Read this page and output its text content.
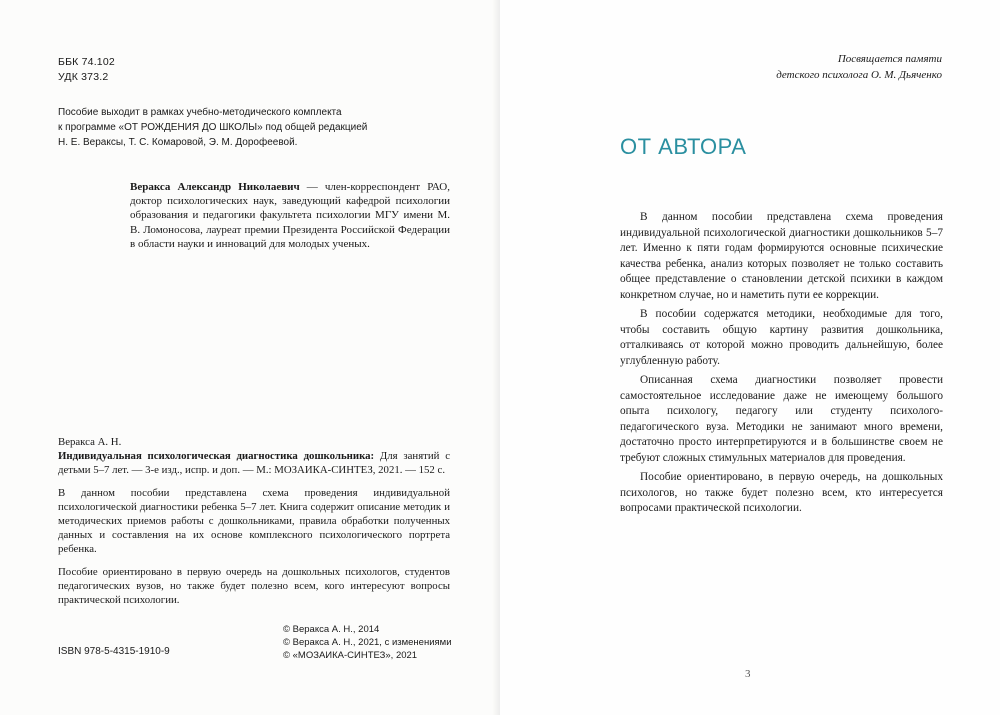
ББК 74.102
УДК 373.2
Пособие выходит в рамках учебно-методического комплекта
к программе «ОТ РОЖДЕНИЯ ДО ШКОЛЫ» под общей редакцией
Н. Е. Вераксы, Т. С. Комаровой, Э. М. Дорофеевой.
Веракса Александр Николаевич — член-корреспондент РАО, доктор психологических наук, заведующий кафедрой психологии образования и педагогики факультета психологии МГУ имени М. В. Ломоносова, лауреат премии Президента Российской Федерации в области науки и инноваций для молодых ученых.
Веракса А. Н.

Индивидуальная психологическая диагностика дошкольника: Для занятий с детьми 5–7 лет. — 3-е изд., испр. и доп. — М.: МОЗАИКА-СИНТЕЗ, 2021. — 152 с.

В данном пособии представлена схема проведения индивидуальной психологической диагностики ребенка 5–7 лет. Книга содержит описание методик и методических приемов работы с дошкольниками, правила обработки полученных данных и составления на их основе комплексного психологического портрета ребенка.

Пособие ориентировано в первую очередь на дошкольных психологов, студентов педагогических вузов, но также будет полезно всем, кого интересуют вопросы практической психологии.

© Веракса А. Н., 2014
© Веракса А. Н., 2021, с изменениями
© «МОЗАИКА-СИНТЕЗ», 2021
ISBN 978-5-4315-1910-9
Посвящается памяти
детского психолога О. М. Дьяченко
ОТ АВТОРА

В данном пособии представлена схема проведения индивидуальной психологической диагностики дошкольников 5–7 лет. Именно к пяти годам формируются основные психические качества ребенка, анализ которых позволяет не только составить общее представление о становлении детской психики в каждом конкретном случае, но и наметить пути ее коррекции.

В пособии содержатся методики, необходимые для того, чтобы составить общую картину развития дошкольника, отталкиваясь от которой можно проводить дальнейшую, более углубленную работу.

Описанная схема диагностики позволяет провести самостоятельное исследование даже не имеющему большого опыта психологу, педагогу или студенту психолого-педагогического вуза. Методики не занимают много времени, достаточно просто интерпретируются и в большинстве своем не требуют сложных стимульных материалов для проведения.

Пособие ориентировано, в первую очередь, на дошкольных психологов, но также будет полезно всем, кто интересуется вопросами практической психологии.

3
